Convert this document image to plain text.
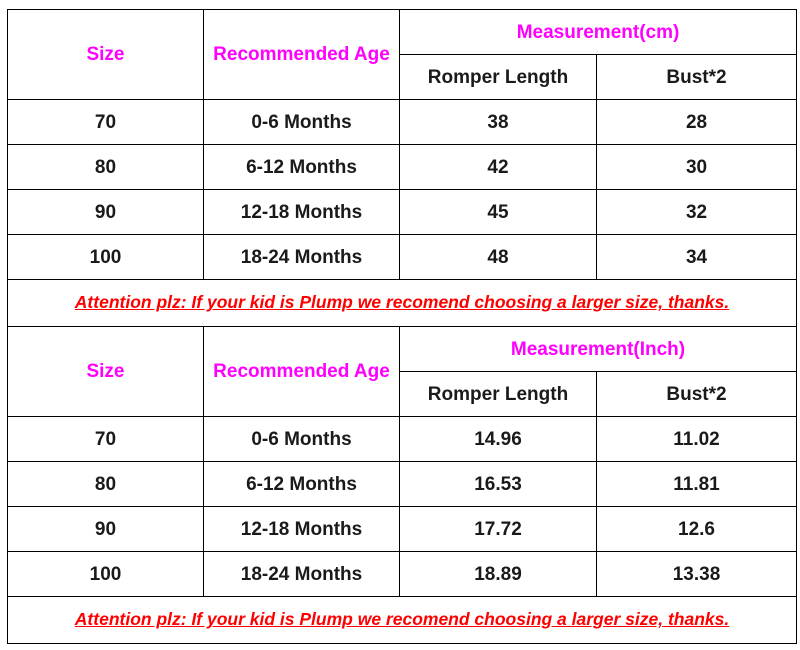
Size	Recommended Age	Measurement(cm)	
		Romper Length	Bust*2
70	0-6 Months	38	28
80	6-12 Months	42	30
90	12-18 Months	45	32
100	18-24 Months	48	34
Attention plz: If your kid is Plump we recomend choosing a larger size, thanks.			
Size	Recommended Age	Measurement(Inch)	
		Romper Length	Bust*2
70	0-6 Months	14.96	11.02
80	6-12 Months	16.53	11.81
90	12-18 Months	17.72	12.6
100	18-24 Months	18.89	13.38
Attention plz: If your kid is Plump we recomend choosing a larger size, thanks.			
